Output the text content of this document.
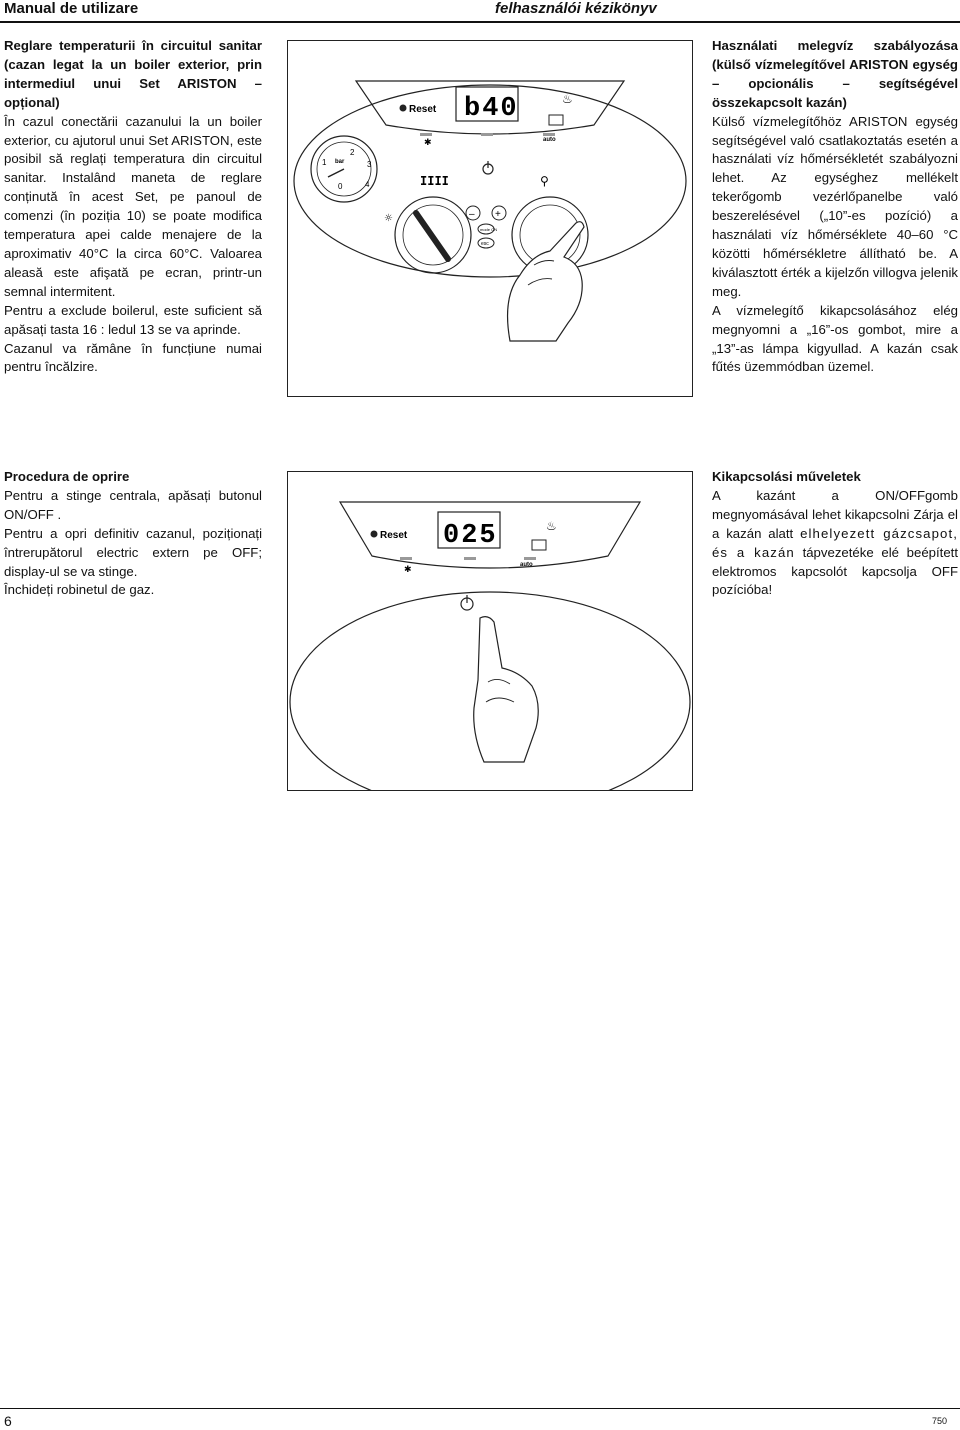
Manual de utilizare	felhasználói kézikönyv

Reglare temperaturii în circuitul sanitar (cazan legat la un boiler exterior, prin intermediul unui Set ARISTON – opțional)

În cazul conectării cazanului la un boiler exterior, cu ajutorul unui Set ARISTON, este posibil să reglați temperatura din circuitul sanitar. Instalând maneta de reglare conținută în acest Set, pe panoul de comenzi (în poziția 10) se poate modifica temperatura apei calde menajere de la aproximativ 40°C la circa 60°C. Valoarea aleasă este afişată pe ecran, printr-un semnal intermitent.

Pentru a exclude boilerul, este suficient să apăsați tasta 16 : ledul 13 se va aprinde.

Cazanul va rămâne în funcțiune numai pentru încălzire.

Használati melegvíz szabályozása (külső vízmelegítővel ARISTON egység – opcionális – segítségével összekapcsolt kazán)

Külső vízmelegítőhöz ARISTON egység segítségével való csatlakoztatás esetén a használati víz hőmérsékletét szabályozni lehet. Az egységhez mellékelt tekerőgomb vezérlőpanelbe való beszerelésével („10”-es pozíció) a használati víz hőmérséklete 40–60 °C közötti hőmérsékletre állítható be. A kiválasztott érték a kijelzőn villogva jelenik meg.

A vízmelegítő kikapcsolásához elég megnyomni a „16”-os gombot, mire a „13”-as lámpa kigyullad. A kazán csak fűtés üzemmódban üzemel.

Reset b40	♨
auto
✱
bar
0
1
2
3
4	IIII	⚲
☼	– +
mode ON
esc

Procedura de oprire

Pentru a stinge centrala, apăsați butonul ON/OFF .

Pentru a opri definitiv cazanul, poziționați întrerupătorul electric extern pe OFF; display-ul se va stinge.

Închideți robinetul de gaz.

Kikapcsolási műveletek

A kazánt a ON/OFFgomb megnyomásával lehet kikapcsolni Zárja el a kazán alatt elhelyezett gázcsapot, és a kazán tápvezetéke elé beépített elektromos kapcsolót kapcsolja OFF pozícióba!

Reset 025	♨
auto
✱
6	750
